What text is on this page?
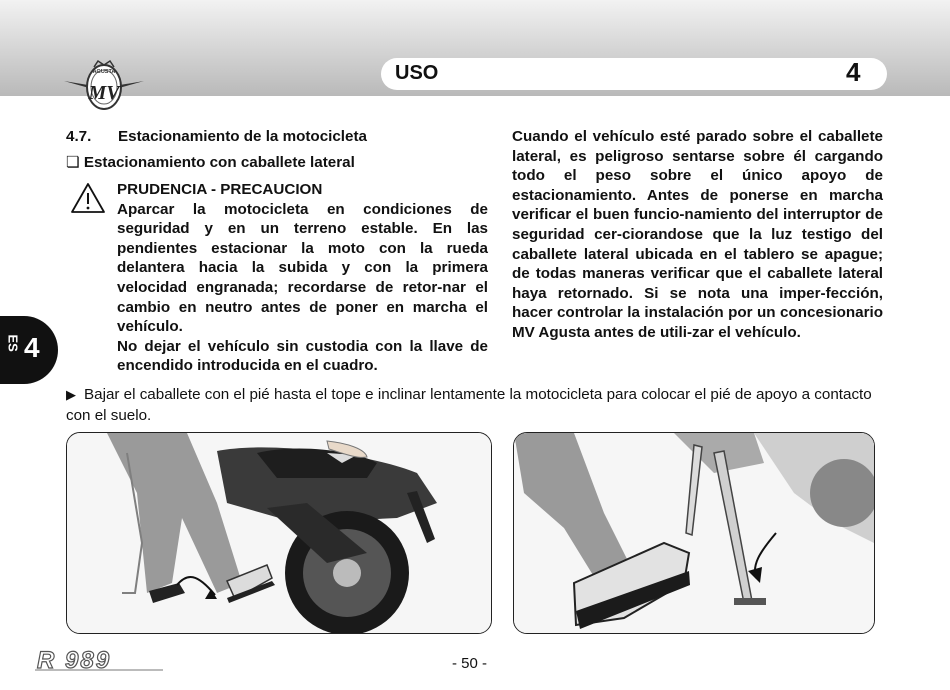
USO	4
AGUSTA
MV
ES 4
4.7. Estacionamiento de la motocicleta
❏ Estacionamiento con caballete lateral
PRUDENCIA - PRECAUCION
Aparcar la motocicleta en condiciones de seguridad y en un terreno estable. En las pendientes estacionar la moto con la rueda delantera hacia la subida y con la primera velocidad engranada; recordarse de retor-nar el cambio en neutro antes de poner en marcha el vehículo.
No dejar el vehículo sin custodia con la llave de encendido introducida en el cuadro.
Cuando el vehículo esté parado sobre el caballete lateral, es peligroso sentarse sobre él cargando todo el peso sobre el único apoyo de estacionamiento. Antes de ponerse en marcha verificar el buen funcio-namiento del interruptor de seguridad cer-ciorandose que la luz testigo del caballete lateral ubicada en el tablero se apague; de todas maneras verificar que el caballete lateral haya retornado. Si se nota una imper-fección, hacer controlar la instalación por un concesionario MV Agusta antes de utili-zar el vehículo.
▶ Bajar el caballete con el pié hasta el tope e inclinar lentamente la motocicleta para colocar el pié de apoyo a contacto con el suelo.
R 989	- 50 -
